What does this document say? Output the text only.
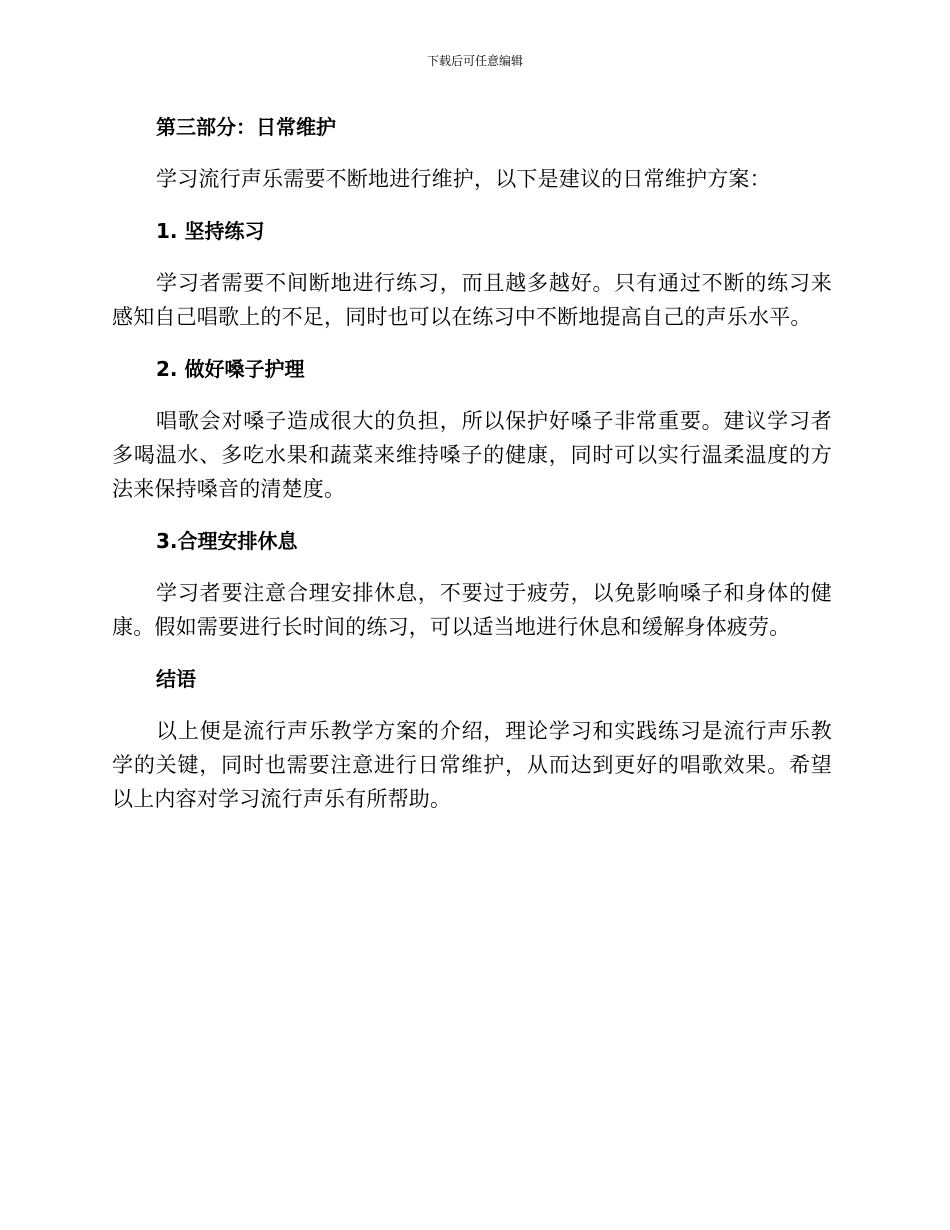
下载后可任意编辑
第三部分：日常维护
学习流行声乐需要不断地进行维护，以下是建议的日常维护方案：
1. 坚持练习
学习者需要不间断地进行练习，而且越多越好。只有通过不断的练习来感知自己唱歌上的不足，同时也可以在练习中不断地提高自己的声乐水平。
2. 做好嗓子护理
唱歌会对嗓子造成很大的负担，所以保护好嗓子非常重要。建议学习者多喝温水、多吃水果和蔬菜来维持嗓子的健康，同时可以实行温柔温度的方法来保持嗓音的清楚度。
3.合理安排休息
学习者要注意合理安排休息，不要过于疲劳，以免影响嗓子和身体的健康。假如需要进行长时间的练习，可以适当地进行休息和缓解身体疲劳。
结语
以上便是流行声乐教学方案的介绍，理论学习和实践练习是流行声乐教学的关键，同时也需要注意进行日常维护，从而达到更好的唱歌效果。希望以上内容对学习流行声乐有所帮助。
